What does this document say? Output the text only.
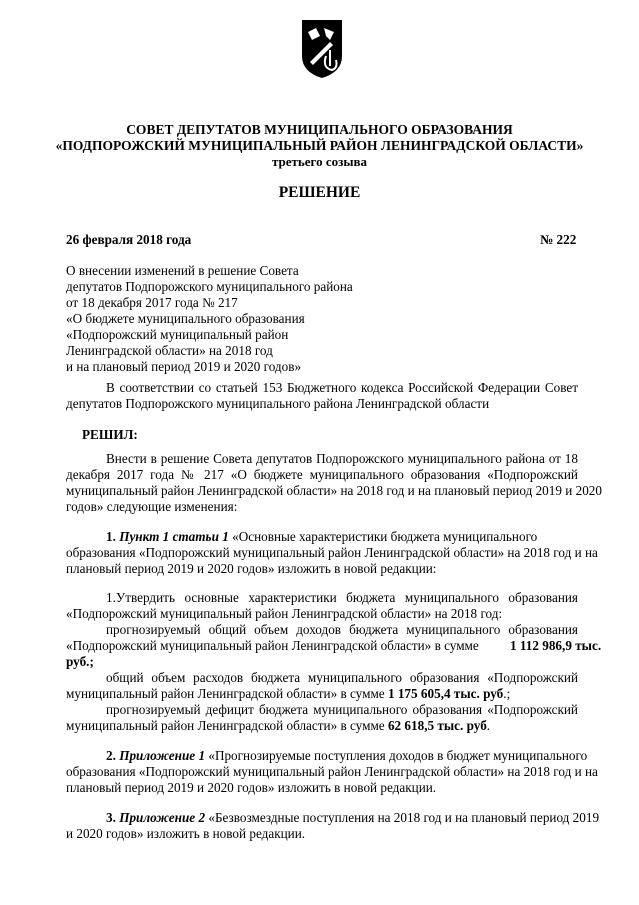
СОВЕТ ДЕПУТАТОВ МУНИЦИПАЛЬНОГО ОБРАЗОВАНИЯ
«ПОДПОРОЖСКИЙ МУНИЦИПАЛЬНЫЙ РАЙОН ЛЕНИНГРАДСКОЙ ОБЛАСТИ»
третьего созыва
РЕШЕНИЕ
26 февраля 2018 года	№ 222
О внесении изменений в решение Совета
депутатов Подпорожского муниципального района
от 18 декабря 2017 года № 217
«О бюджете муниципального образования
«Подпорожский муниципальный район
Ленинградской области» на 2018 год
и на плановый период 2019 и 2020 годов»
В соответствии со статьей 153 Бюджетного кодекса Российской Федерации Совет
депутатов Подпорожского муниципального района Ленинградской области
РЕШИЛ:
Внести в решение Совета депутатов Подпорожского муниципального района от 18
декабря 2017 года № 217 «О бюджете муниципального образования «Подпорожский
муниципальный район Ленинградской области» на 2018 год и на плановый период 2019 и 2020
годов» следующие изменения:
1. Пункт 1 статьи 1 «Основные характеристики бюджета муниципального
образования «Подпорожский муниципальный район Ленинградской области» на 2018 год и на
плановый период 2019 и 2020 годов» изложить в новой редакции:
1.Утвердить основные характеристики бюджета муниципального образования
«Подпорожский муниципальный район Ленинградской области» на 2018 год:
прогнозируемый общий объем доходов бюджета муниципального образования
«Подпорожский муниципальный район Ленинградской области» в сумме 1 112 986,9 тыс.
руб.;
общий объем расходов бюджета муниципального образования «Подпорожский
муниципальный район Ленинградской области» в сумме 1 175 605,4 тыс. руб.;
прогнозируемый дефицит бюджета муниципального образования «Подпорожский
муниципальный район Ленинградской области» в сумме 62 618,5 тыс. руб.
2. Приложение 1 «Прогнозируемые поступления доходов в бюджет муниципального
образования «Подпорожский муниципальный район Ленинградской области» на 2018 год и на
плановый период 2019 и 2020 годов» изложить в новой редакции.
3. Приложение 2 «Безвозмездные поступления на 2018 год и на плановый период 2019
и 2020 годов» изложить в новой редакции.
